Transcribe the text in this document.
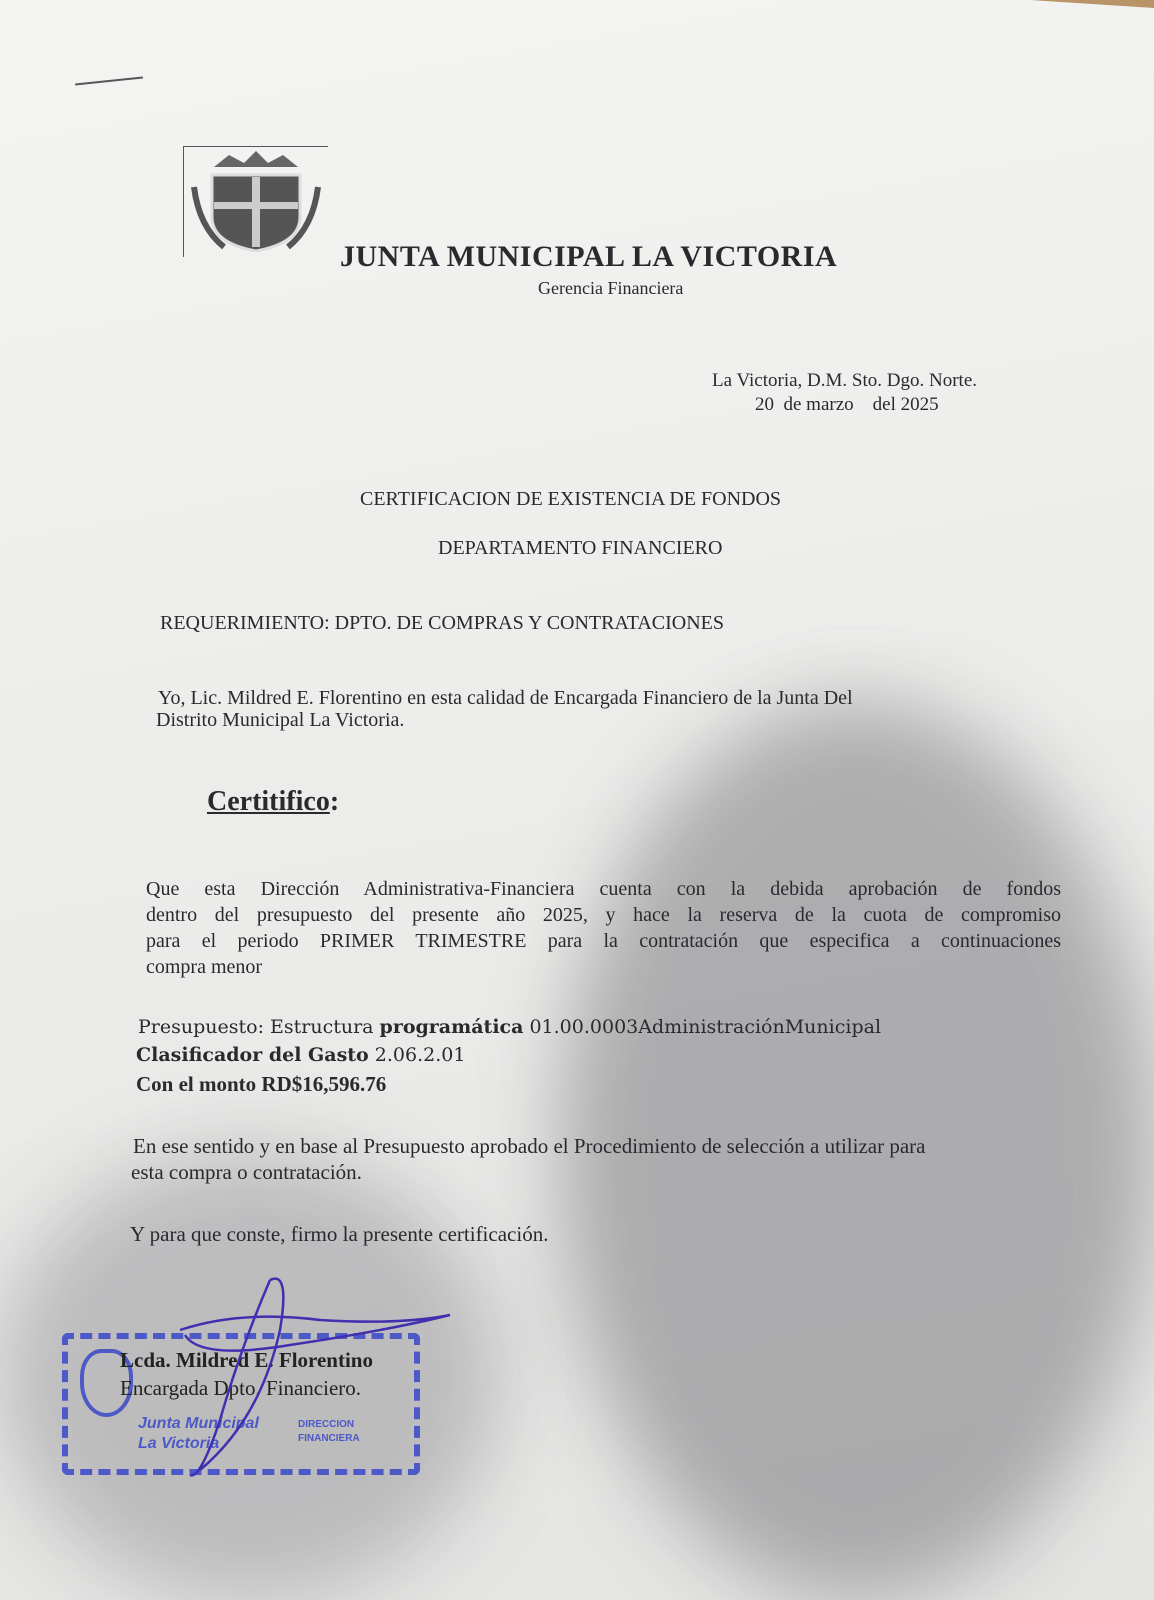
JUNTA MUNICIPAL LA VICTORIA
Gerencia Financiera
La Victoria, D.M. Sto. Dgo. Norte.
20  de marzo    del 2025
CERTIFICACION DE EXISTENCIA DE FONDOS
DEPARTAMENTO FINANCIERO
REQUERIMIENTO: DPTO. DE COMPRAS Y CONTRATACIONES
Yo, Lic. Mildred E. Florentino en esta calidad de Encargada Financiero de la Junta Del
Distrito Municipal La Victoria.
Certitifico:
Que esta Dirección Administrativa-Financiera cuenta con la debida aprobación de fondos
dentro del presupuesto del presente año 2025, y hace la reserva de la cuota de compromiso
para el periodo PRIMER TRIMESTRE para la contratación que especifica a continuaciones
compra menor
Presupuesto: Estructura programática 01.00.0003AdministraciónMunicipal
Clasificador del Gasto 2.06.2.01
Con el monto RD$16,596.76
En ese sentido y en base al Presupuesto aprobado el Procedimiento de selección a utilizar para
esta compra o contratación.
Y para que conste, firmo la presente certificación.
Junta Municipal
La Victoria
DIRECCION
FINANCIERA
Lcda. Mildred E. Florentino
Encargada Dpto. Financiero.
